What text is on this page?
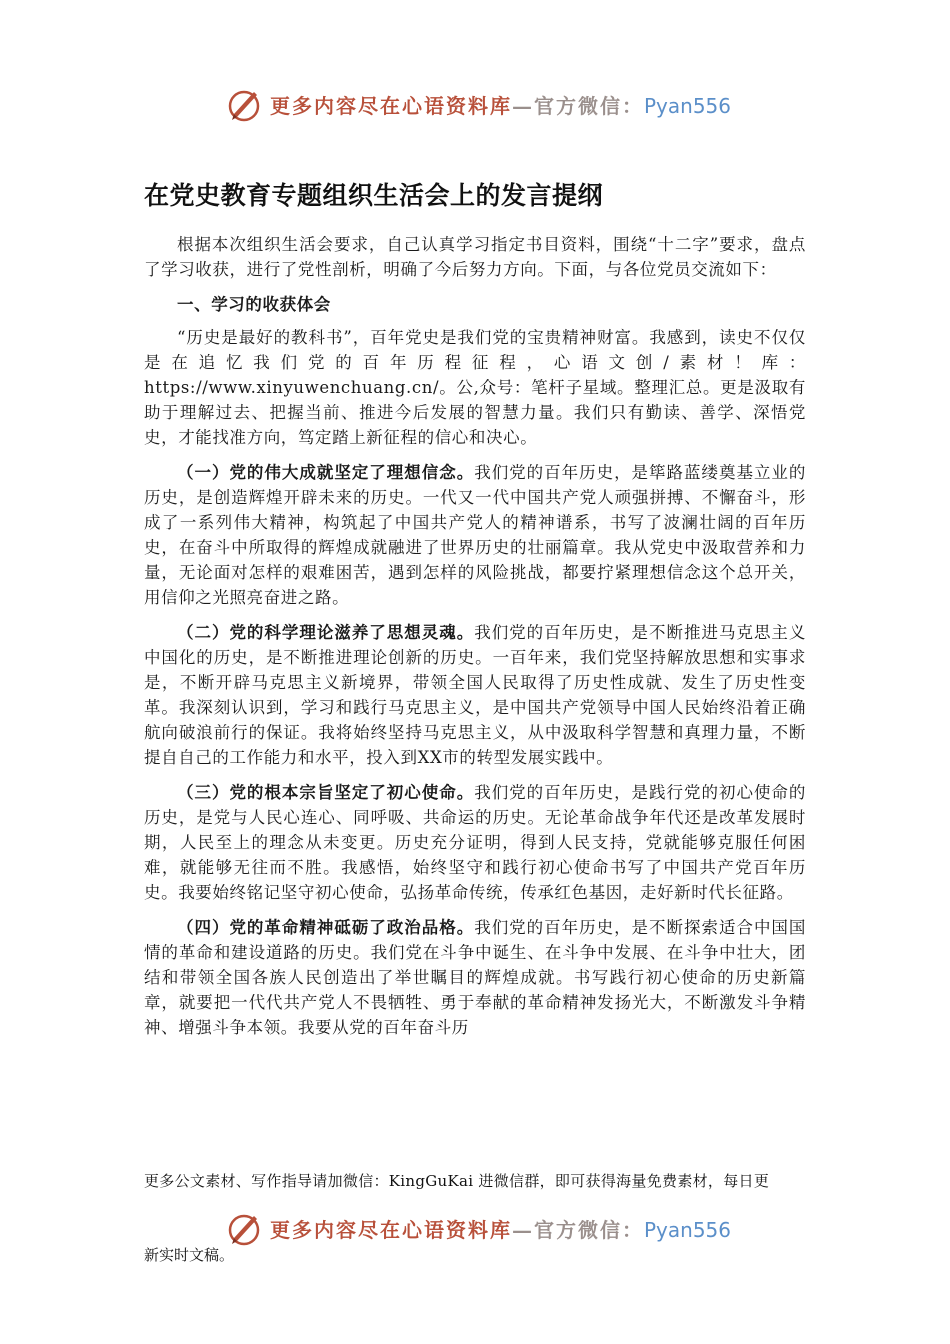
更多内容尽在心语资料库—官方微信：Pyan556
在党史教育专题组织生活会上的发言提纲

根据本次组织生活会要求，自己认真学习指定书目资料，围绕“十二字”要求，盘点了学习收获，进行了党性剖析，明确了今后努力方向。下面，与各位党员交流如下：

一、学习的收获体会

“历史是最好的教科书”，百年党史是我们党的宝贵精神财富。我感到，读史不仅仅是在追忆我们党的百年历程征程，心语文创/素材！库：https://www.xinyuwenchuang.cn/。公,众号：笔杆子星域。整理汇总。更是汲取有助于理解过去、把握当前、推进今后发展的智慧力量。我们只有勤读、善学、深悟党史，才能找准方向，笃定踏上新征程的信心和决心。

（一）党的伟大成就坚定了理想信念。我们党的百年历史，是筚路蓝缕奠基立业的历史，是创造辉煌开辟未来的历史。一代又一代中国共产党人顽强拼搏、不懈奋斗，形成了一系列伟大精神，构筑起了中国共产党人的精神谱系，书写了波澜壮阔的百年历史，在奋斗中所取得的辉煌成就融进了世界历史的壮丽篇章。我从党史中汲取营养和力量，无论面对怎样的艰难困苦，遇到怎样的风险挑战，都要拧紧理想信念这个总开关，用信仰之光照亮奋进之路。

（二）党的科学理论滋养了思想灵魂。我们党的百年历史，是不断推进马克思主义中国化的历史，是不断推进理论创新的历史。一百年来，我们党坚持解放思想和实事求是，不断开辟马克思主义新境界，带领全国人民取得了历史性成就、发生了历史性变革。我深刻认识到，学习和践行马克思主义，是中国共产党领导中国人民始终沿着正确航向破浪前行的保证。我将始终坚持马克思主义，从中汲取科学智慧和真理力量，不断提自自己的工作能力和水平，投入到XX市的转型发展实践中。

（三）党的根本宗旨坚定了初心使命。我们党的百年历史，是践行党的初心使命的历史，是党与人民心连心、同呼吸、共命运的历史。无论革命战争年代还是改革发展时期，人民至上的理念从未变更。历史充分证明，得到人民支持，党就能够克服任何困难，就能够无往而不胜。我感悟，始终坚守和践行初心使命书写了中国共产党百年历史。我要始终铭记坚守初心使命，弘扬革命传统，传承红色基因，走好新时代长征路。

（四）党的革命精神砥砺了政治品格。我们党的百年历史，是不断探索适合中国国情的革命和建设道路的历史。我们党在斗争中诞生、在斗争中发展、在斗争中壮大，团结和带领全国各族人民创造出了举世瞩目的辉煌成就。书写践行初心使命的历史新篇章，就要把一代代共产党人不畏牺牲、勇于奉献的革命精神发扬光大，不断激发斗争精神、增强斗争本领。我要从党的百年奋斗历

更多公文素材、写作指导请加微信：KingGuKai 进微信群，即可获得海量免费素材，每日更
更多内容尽在心语资料库—官方微信：Pyan556
新实时文稿。
